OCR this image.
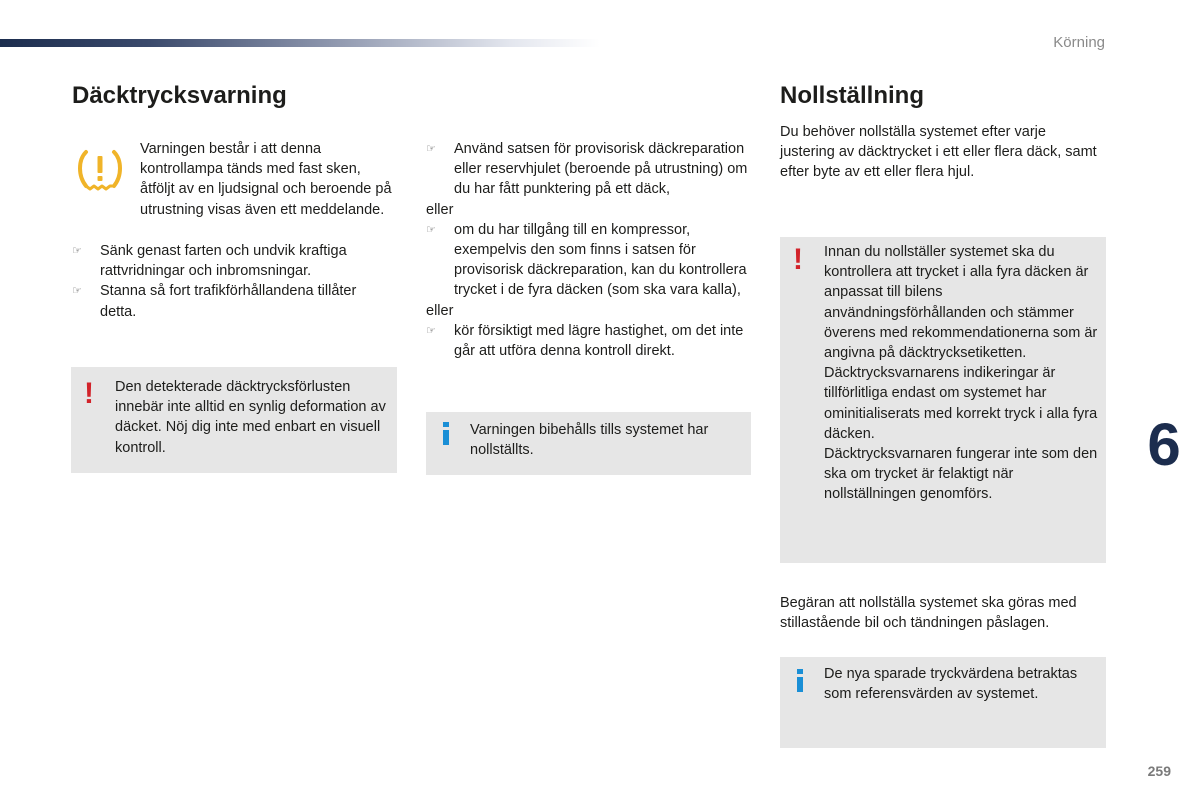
Körning
Däcktrycksvarning

Varningen består i att denna kontrollampa tänds med fast sken, åtföljt av en ljudsignal och beroende på utrustning visas även ett meddelande.

☞ Sänk genast farten och undvik kraftiga rattvridningar och inbromsningar.
☞ Stanna så fort trafikförhållandena tillåter detta.
! Den detekterade däcktrycksförlusten innebär inte alltid en synlig deformation av däcket. Nöj dig inte med enbart en visuell kontroll.
☞ Använd satsen för provisorisk däckreparation eller reservhjulet (beroende på utrustning) om du har fått punktering på ett däck,

eller

☞ om du har tillgång till en kompressor, exempelvis den som finns i satsen för provisorisk däckreparation, kan du kontrollera trycket i de fyra däcken (som ska vara kalla),

eller

☞ kör försiktigt med lägre hastighet, om det inte går att utföra denna kontroll direkt.
Varningen bibehålls tills systemet har nollställts.
Nollställning
Du behöver nollställa systemet efter varje justering av däcktrycket i ett eller flera däck, samt efter byte av ett eller flera hjul.
! Innan du nollställer systemet ska du kontrollera att trycket i alla fyra däcken är anpassat till bilens användningsförhållanden och stämmer överens med rekommendationerna som är angivna på däcktrycksetiketten.

Däcktrycksvarnarens indikeringar är tillförlitliga endast om systemet har ominitialiserats med korrekt tryck i alla fyra däcken.

Däcktrycksvarnaren fungerar inte som den ska om trycket är felaktigt när nollställningen genomförs.

Begäran att nollställa systemet ska göras med stillastående bil och tändningen påslagen.
De nya sparade tryckvärdena betraktas som referensvärden av systemet.
6
259
